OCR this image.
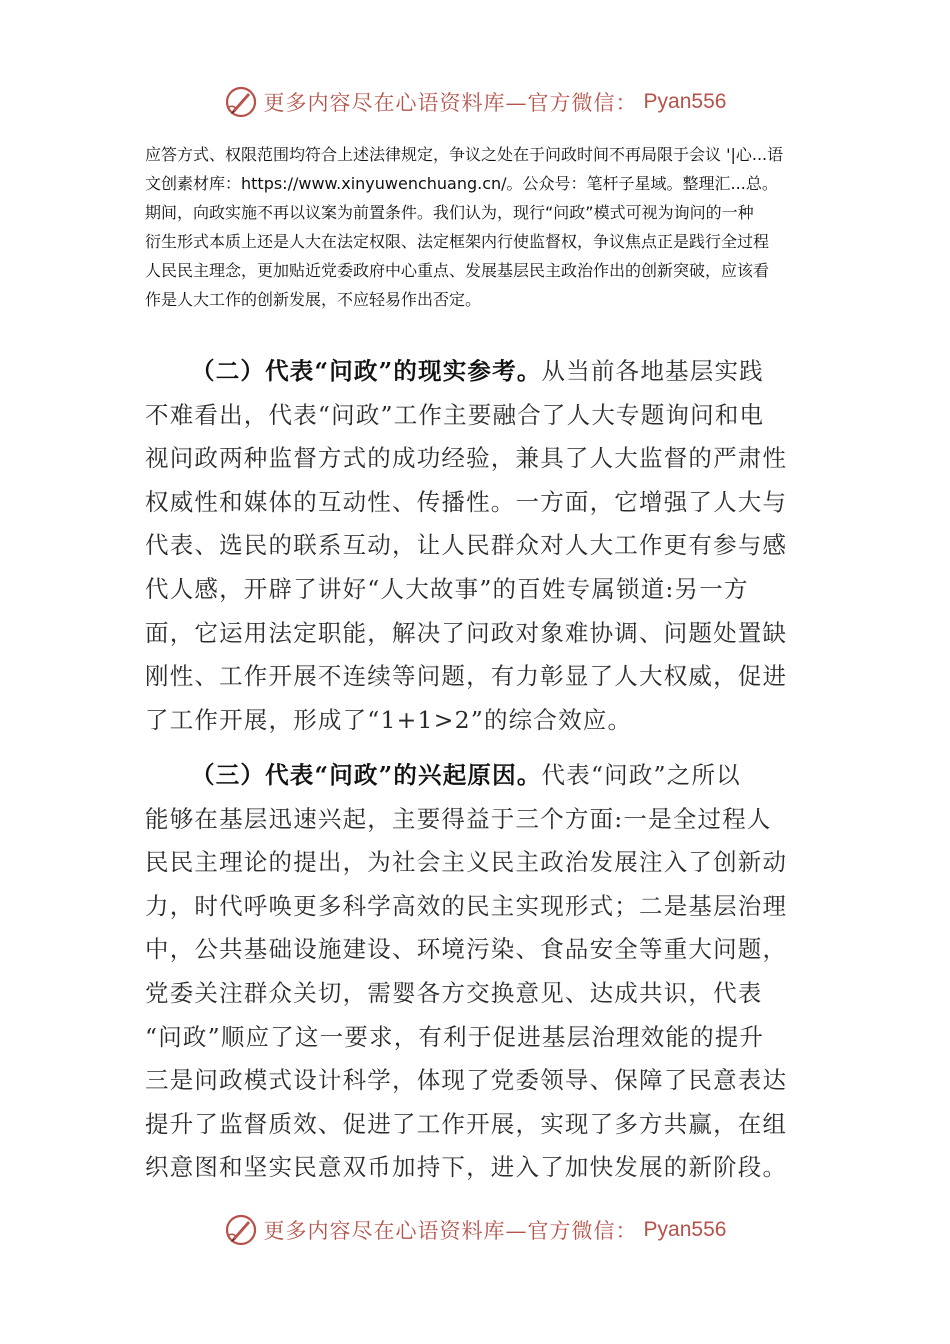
更多内容尽在心语资料库—官方微信： Pyan556

应答方式、权限范围均符合上述法律规定，争议之处在于问政时间不再局限于会议 '|心...语

文创素材库：https://www.xinyuwenchuang.cn/。公众号：笔杆子星域。整理汇...总。

期间，向政实施不再以议案为前置条件。我们认为，现行“问政”模式可视为询问的一种

衍生形式本质上还是人大在法定权限、法定框架内行使监督权，争议焦点正是践行全过程

人民民主理念，更加贴近党委政府中心重点、发展基层民主政治作出的创新突破，应该看

作是人大工作的创新发展，不应轻易作出否定。

（二）代表“问政”的现实参考。从当前各地基层实践

不难看出，代表“问政”工作主要融合了人大专题询问和电

视问政两种监督方式的成功经验，兼具了人大监督的严肃性

权威性和媒体的互动性、传播性。一方面，它增强了人大与

代表、选民的联系互动，让人民群众对人大工作更有参与感

代人感，开辟了讲好“人大故事”的百姓专属锁道:另一方

面，它运用法定职能，解决了问政对象难协调、问题处置缺

刚性、工作开展不连续等问题，有力彰显了人大权威，促进

了工作开展，形成了“1+1>2”的综合效应。

（三）代表“问政”的兴起原因。代表“问政”之所以

能够在基层迅速兴起，主要得益于三个方面:一是全过程人

民民主理论的提出，为社会主义民主政治发展注入了创新动

力，时代呼唤更多科学高效的民主实现形式；二是基层治理

中，公共基础设施建设、环境污染、食品安全等重大问题，

党委关注群众关切，需婴各方交换意见、达成共识，代表

“问政”顺应了这一要求，有利于促进基层治理效能的提升

三是问政模式设计科学，体现了党委领导、保障了民意表达

提升了监督质效、促进了工作开展，实现了多方共赢，在组

织意图和坚实民意双币加持下，进入了加快发展的新阶段。

更多内容尽在心语资料库—官方微信： Pyan556
